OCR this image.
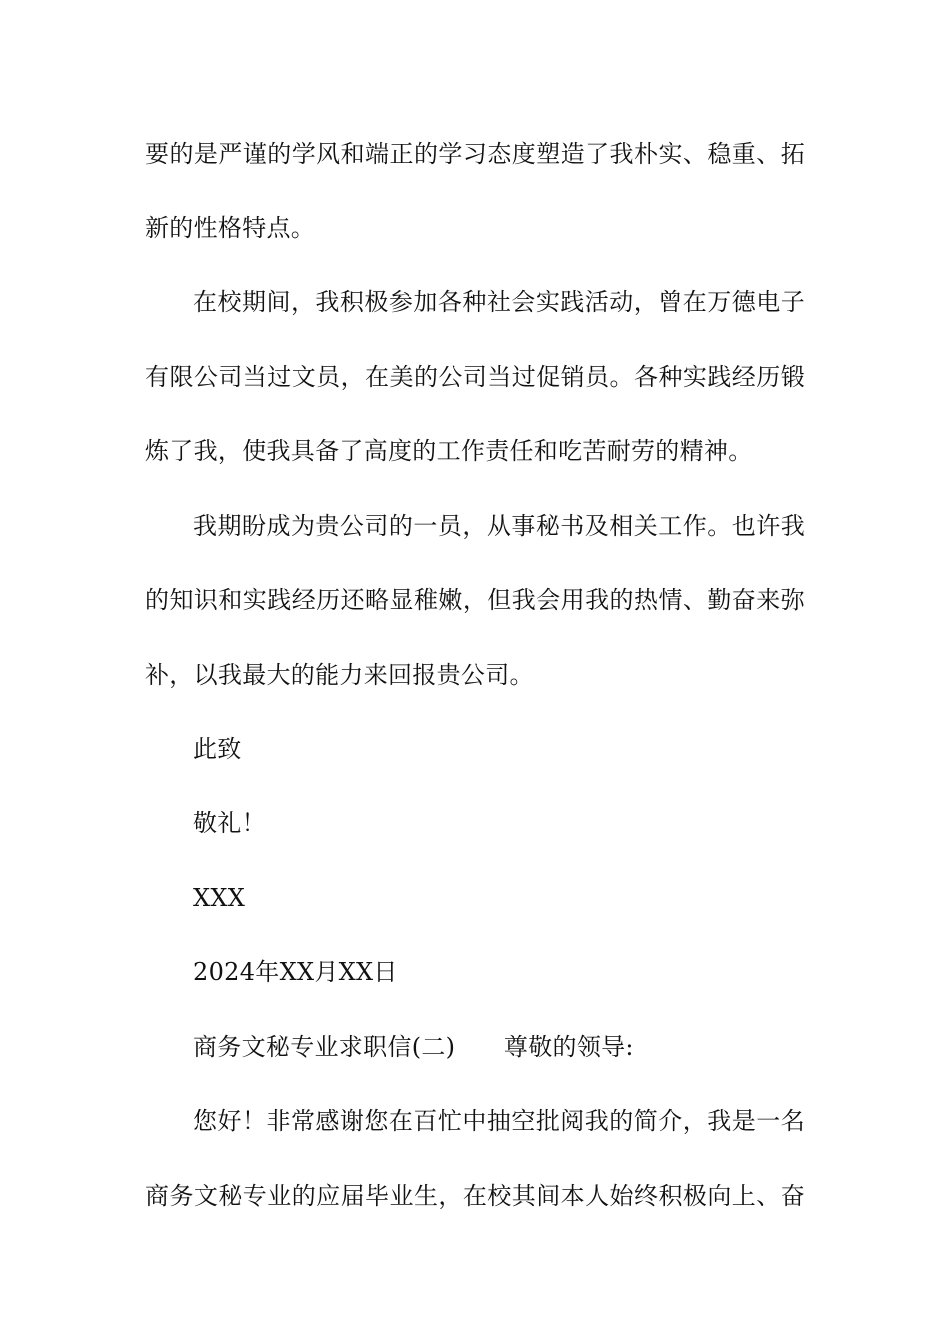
要的是严谨的学风和端正的学习态度塑造了我朴实、稳重、拓
新的性格特点。
在校期间，我积极参加各种社会实践活动，曾在万德电子
有限公司当过文员，在美的公司当过促销员。各种实践经历锻
炼了我，使我具备了高度的工作责任和吃苦耐劳的精神。
我期盼成为贵公司的一员，从事秘书及相关工作。也许我
的知识和实践经历还略显稚嫩，但我会用我的热情、勤奋来弥
补，以我最大的能力来回报贵公司。
此致
敬礼！
XXX
2024年XX月XX日
商务文秘专业求职信(二)　　尊敬的领导:
您好！非常感谢您在百忙中抽空批阅我的简介，我是一名
商务文秘专业的应届毕业生，在校其间本人始终积极向上、奋
